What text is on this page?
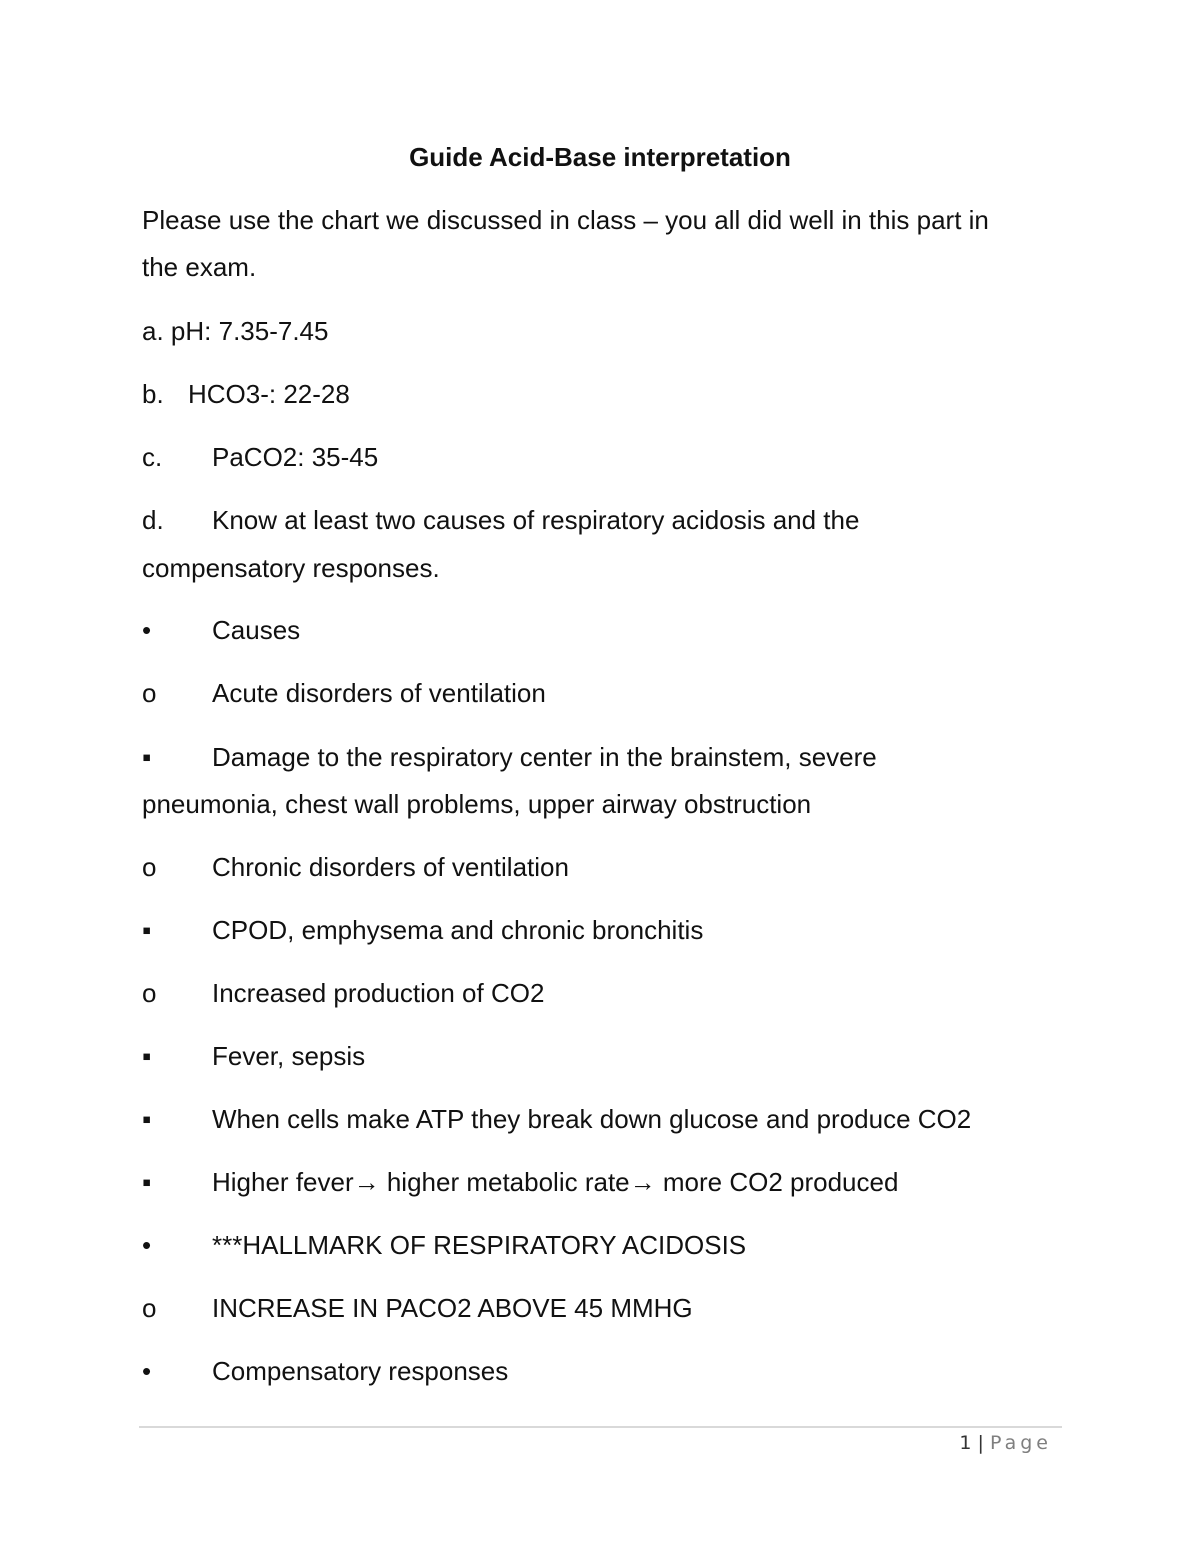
Guide Acid-Base interpretation
Please use the chart we discussed in class – you all did well in this part in
the exam.
a. pH: 7.35-7.45
b. HCO3-: 22-28
c. PaCO2: 35-45
d. Know at least two causes of respiratory acidosis and the
compensatory responses.
• Causes
o Acute disorders of ventilation
▪ Damage to the respiratory center in the brainstem, severe
pneumonia, chest wall problems, upper airway obstruction
o Chronic disorders of ventilation
▪ CPOD, emphysema and chronic bronchitis
o Increased production of CO2
▪ Fever, sepsis
▪ When cells make ATP they break down glucose and produce CO2
▪ Higher fever→ higher metabolic rate→ more CO2 produced
• ***HALLMARK OF RESPIRATORY ACIDOSIS
o INCREASE IN PACO2 ABOVE 45 MMHG
• Compensatory responses
1 | Page
